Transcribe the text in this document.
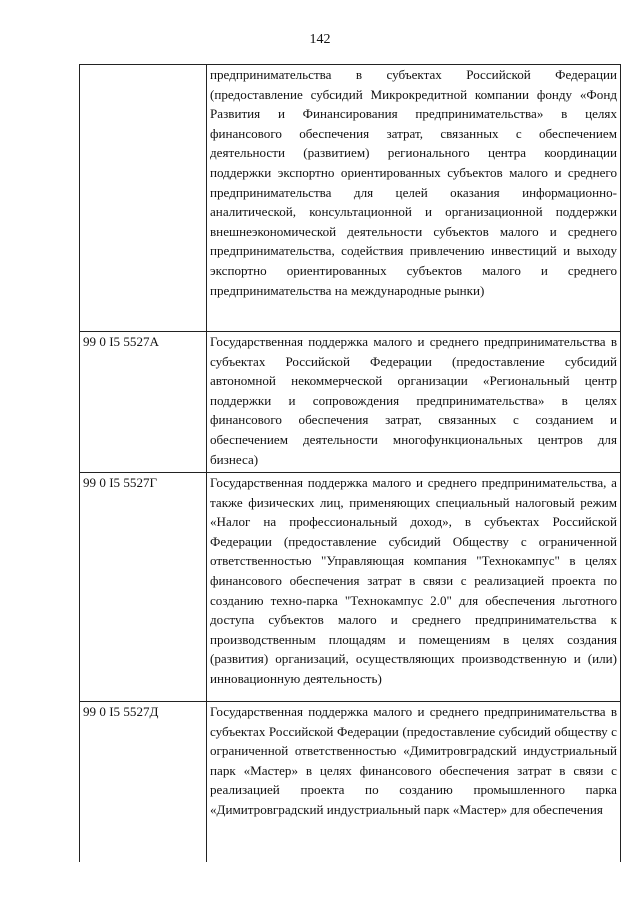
142

	предпринимательства в субъектах Российской Федерации (предоставление субсидий Микрокредитной компании фонду «Фонд Развития и Финансирования предпринимательства» в целях финансового обеспечения затрат, связанных с обеспечением деятельности (развитием) регионального центра координации поддержки экспортно ориентированных субъектов малого и среднего предпринимательства для целей оказания информационно-аналитической, консультационной и организационной поддержки внешнеэкономической деятельности субъектов малого и среднего предпринимательства, содействия привлечению инвестиций и выходу экспортно ориентированных субъектов малого и среднего предпринимательства на международные рынки)

99 0 I5 5527А	Государственная поддержка малого и среднего предпринимательства в субъектах Российской Федерации (предоставление субсидий автономной некоммерческой организации «Региональный центр поддержки и сопровождения предпринимательства» в целях финансового обеспечения затрат, связанных с созданием и обеспечением деятельности многофункциональных центров для бизнеса)

99 0 I5 5527Г	Государственная поддержка малого и среднего предпринимательства, а также физических лиц, применяющих специальный налоговый режим «Налог на профессиональный доход», в субъектах Российской Федерации (предоставление субсидий Обществу с ограниченной ответственностью "Управляющая компания "Технокампус" в целях финансового обеспечения затрат в связи с реализацией проекта по созданию техно-парка "Технокампус 2.0" для обеспечения льготного доступа субъектов малого и среднего предпринимательства к производственным площадям и помещениям в целях создания (развития) организаций, осуществляющих производственную и (или) инновационную деятельность)

99 0 I5 5527Д	Государственная поддержка малого и среднего предпринимательства в субъектах Российской Федерации (предоставление субсидий обществу с ограниченной ответственностью «Димитровградский индустриальный парк «Мастер» в целях финансового обеспечения затрат в связи с реализацией проекта по созданию промышленного парка «Димитровградский индустриальный парк «Мастер» для обеспечения
